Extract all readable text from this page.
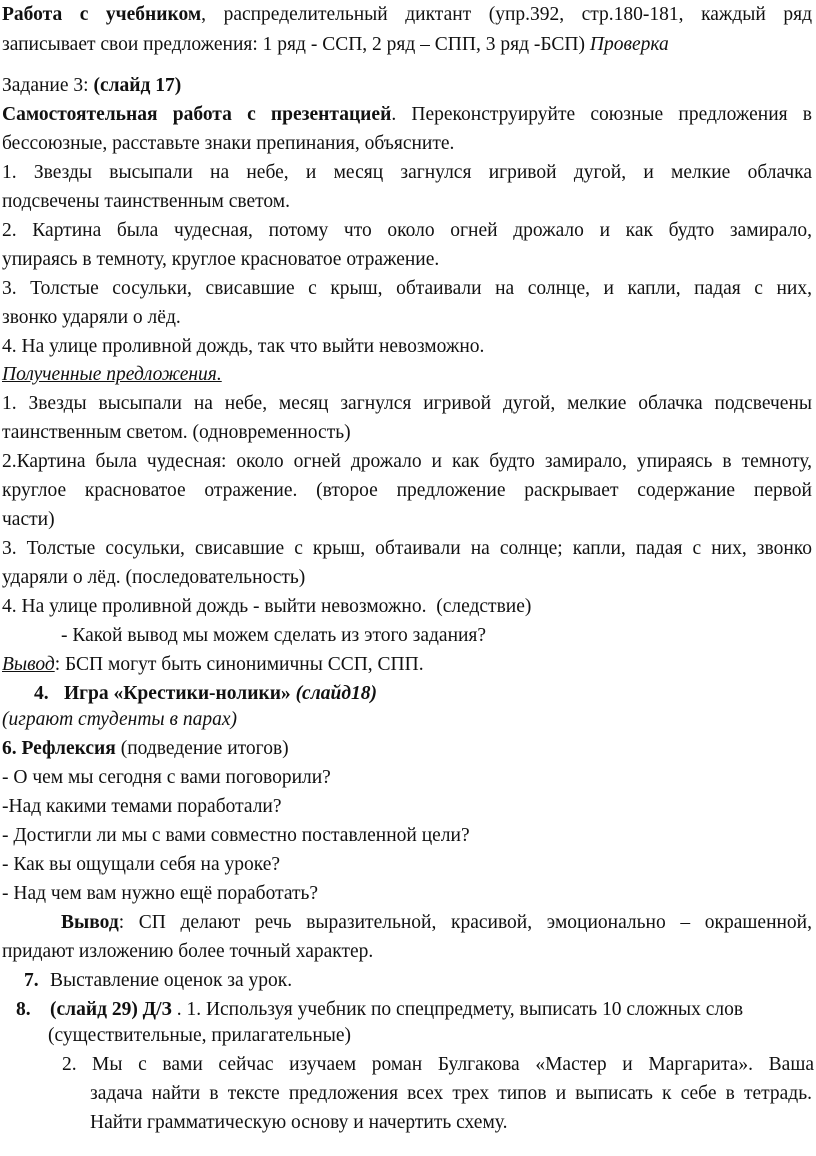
Работа с учебником, распределительный диктант (упр.392, стр.180-181, каждый ряд
записывает свои предложения: 1 ряд - ССП, 2 ряд – СПП, 3 ряд -БСП) Проверка
Задание 3: (слайд 17)
Самостоятельная работа с презентацией. Переконструируйте союзные предложения в
бессоюзные, расставьте знаки препинания, объясните.
1. Звезды высыпали на небе, и месяц загнулся игривой дугой, и мелкие облачка
подсвечены таинственным светом.
2. Картина была чудесная, потому что около огней дрожало и как будто замирало,
упираясь в темноту, круглое красноватое отражение.
3. Толстые сосульки, свисавшие с крыш, обтаивали на солнце, и капли, падая с них,
звонко ударяли о лёд.
4. На улице проливной дождь, так что выйти невозможно.
Полученные предложения.
1. Звезды высыпали на небе, месяц загнулся игривой дугой, мелкие облачка подсвечены
таинственным светом. (одновременность)
2.Картина была чудесная: около огней дрожало и как будто замирало, упираясь в темноту,
круглое красноватое отражение. (второе предложение раскрывает содержание первой
части)
3. Толстые сосульки, свисавшие с крыш, обтаивали на солнце; капли, падая с них, звонко
ударяли о лёд. (последовательность)
4. На улице проливной дождь - выйти невозможно.  (следствие)
- Какой вывод мы можем сделать из этого задания?
Вывод: БСП могут быть синонимичны ССП, СПП.
4. Игра «Крестики-нолики» (слайд18)
(играют студенты в парах)
6. Рефлексия (подведение итогов)
- О чем мы сегодня с вами поговорили?
-Над какими темами поработали?
- Достигли ли мы с вами совместно поставленной цели?
- Как вы ощущали себя на уроке?
- Над чем вам нужно ещё поработать?
Вывод: СП делают речь выразительной, красивой, эмоционально – окрашенной,
придают изложению более точный характер.
7. Выставление оценок за урок.
8. (слайд 29) Д/З . 1. Используя учебник по спецпредмету, выписать 10 сложных слов
(существительные, прилагательные)
2. Мы с вами сейчас изучаем роман Булгакова «Мастер и Маргарита». Ваша
задача найти в тексте предложения всех трех типов и выписать к себе в тетрадь.
Найти грамматическую основу и начертить схему.
